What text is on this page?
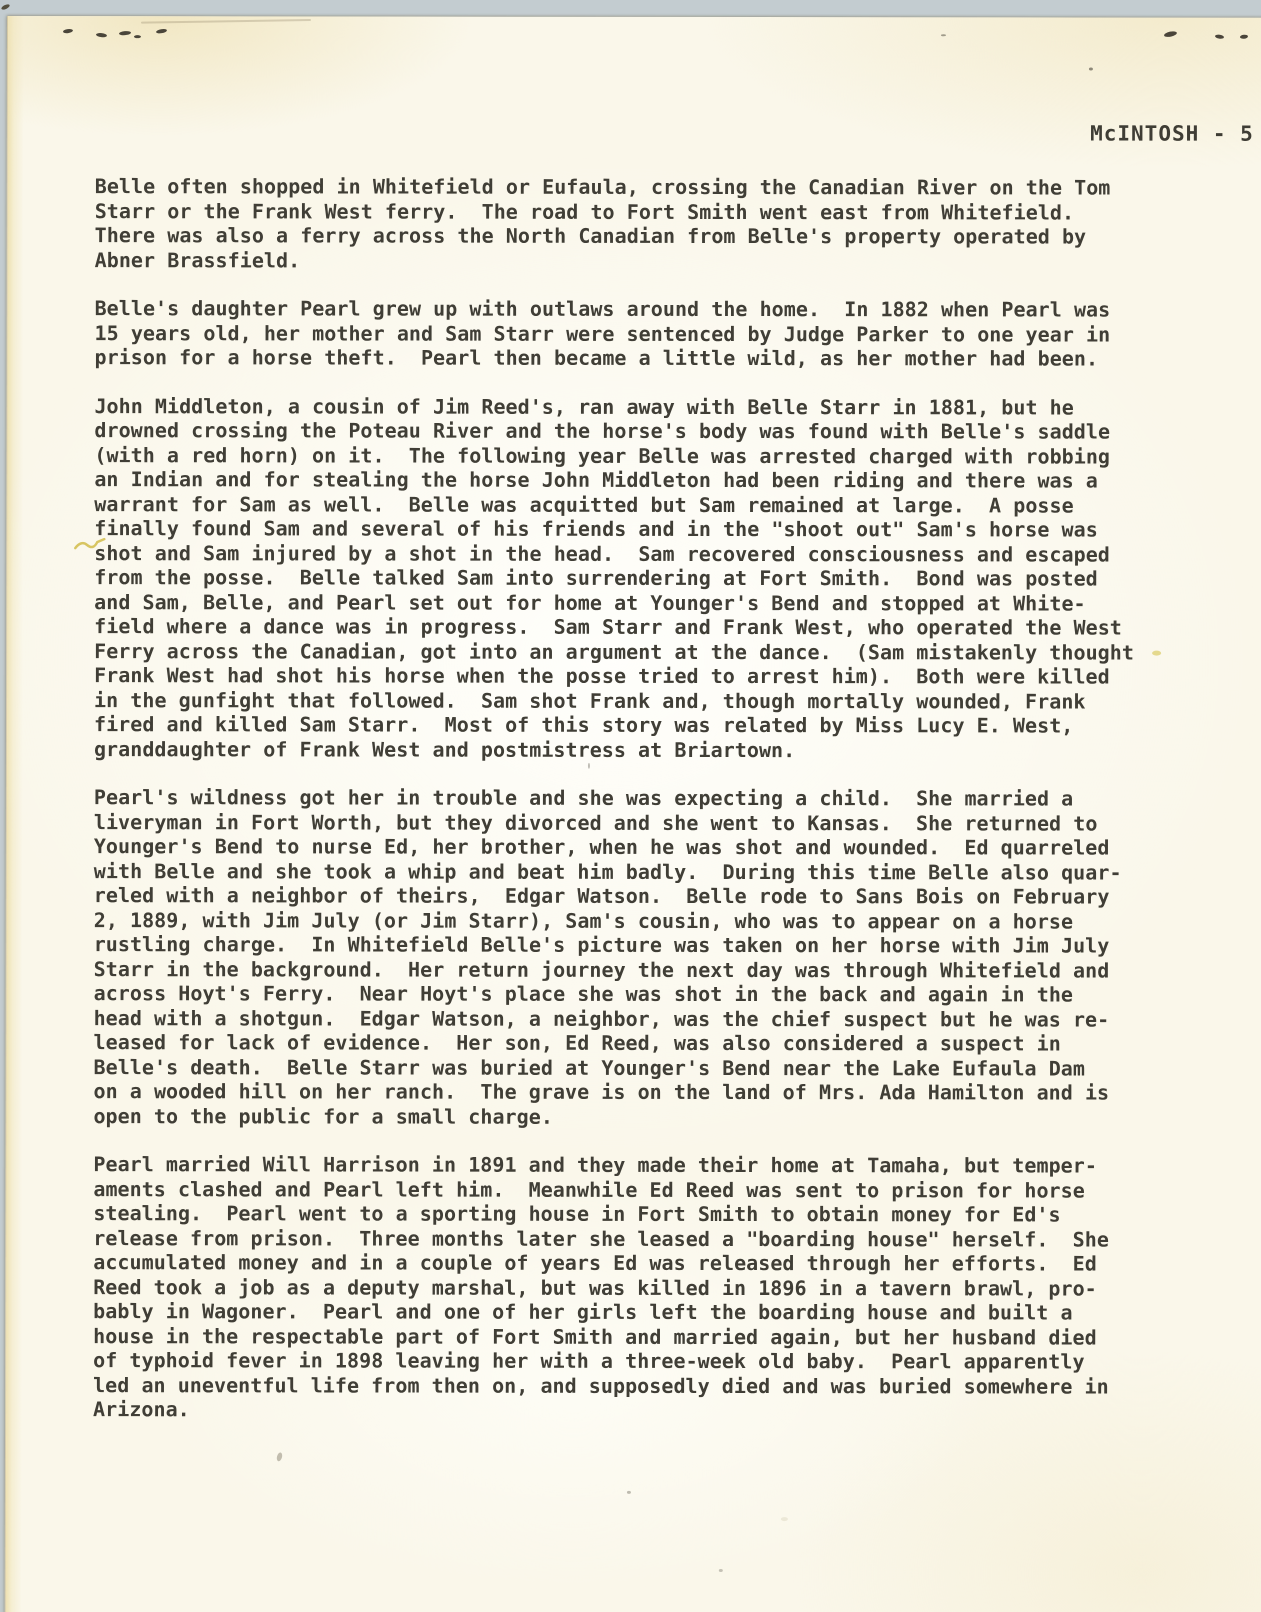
McINTOSH - 5
Belle often shopped in Whitefield or Eufaula, crossing the Canadian River on the Tom
Starr or the Frank West ferry.  The road to Fort Smith went east from Whitefield.
There was also a ferry across the North Canadian from Belle's property operated by
Abner Brassfield.
Belle's daughter Pearl grew up with outlaws around the home.  In 1882 when Pearl was
15 years old, her mother and Sam Starr were sentenced by Judge Parker to one year in
prison for a horse theft.  Pearl then became a little wild, as her mother had been.
John Middleton, a cousin of Jim Reed's, ran away with Belle Starr in 1881, but he
drowned crossing the Poteau River and the horse's body was found with Belle's saddle
(with a red horn) on it.  The following year Belle was arrested charged with robbing
an Indian and for stealing the horse John Middleton had been riding and there was a
warrant for Sam as well.  Belle was acquitted but Sam remained at large.  A posse
finally found Sam and several of his friends and in the "shoot out" Sam's horse was
shot and Sam injured by a shot in the head.  Sam recovered consciousness and escaped
from the posse.  Belle talked Sam into surrendering at Fort Smith.  Bond was posted
and Sam, Belle, and Pearl set out for home at Younger's Bend and stopped at White-
field where a dance was in progress.  Sam Starr and Frank West, who operated the West
Ferry across the Canadian, got into an argument at the dance.  (Sam mistakenly thought
Frank West had shot his horse when the posse tried to arrest him).  Both were killed
in the gunfight that followed.  Sam shot Frank and, though mortally wounded, Frank
fired and killed Sam Starr.  Most of this story was related by Miss Lucy E. West,
granddaughter of Frank West and postmistress at Briartown.
Pearl's wildness got her in trouble and she was expecting a child.  She married a
liveryman in Fort Worth, but they divorced and she went to Kansas.  She returned to
Younger's Bend to nurse Ed, her brother, when he was shot and wounded.  Ed quarreled
with Belle and she took a whip and beat him badly.  During this time Belle also quar-
reled with a neighbor of theirs,  Edgar Watson.  Belle rode to Sans Bois on February
2, 1889, with Jim July (or Jim Starr), Sam's cousin, who was to appear on a horse
rustling charge.  In Whitefield Belle's picture was taken on her horse with Jim July
Starr in the background.  Her return journey the next day was through Whitefield and
across Hoyt's Ferry.  Near Hoyt's place she was shot in the back and again in the
head with a shotgun.  Edgar Watson, a neighbor, was the chief suspect but he was re-
leased for lack of evidence.  Her son, Ed Reed, was also considered a suspect in
Belle's death.  Belle Starr was buried at Younger's Bend near the Lake Eufaula Dam
on a wooded hill on her ranch.  The grave is on the land of Mrs. Ada Hamilton and is
open to the public for a small charge.
Pearl married Will Harrison in 1891 and they made their home at Tamaha, but temper-
aments clashed and Pearl left him.  Meanwhile Ed Reed was sent to prison for horse
stealing.  Pearl went to a sporting house in Fort Smith to obtain money for Ed's
release from prison.  Three months later she leased a "boarding house" herself.  She
accumulated money and in a couple of years Ed was released through her efforts.  Ed
Reed took a job as a deputy marshal, but was killed in 1896 in a tavern brawl, pro-
bably in Wagoner.  Pearl and one of her girls left the boarding house and built a
house in the respectable part of Fort Smith and married again, but her husband died
of typhoid fever in 1898 leaving her with a three-week old baby.  Pearl apparently
led an uneventful life from then on, and supposedly died and was buried somewhere in
Arizona.
